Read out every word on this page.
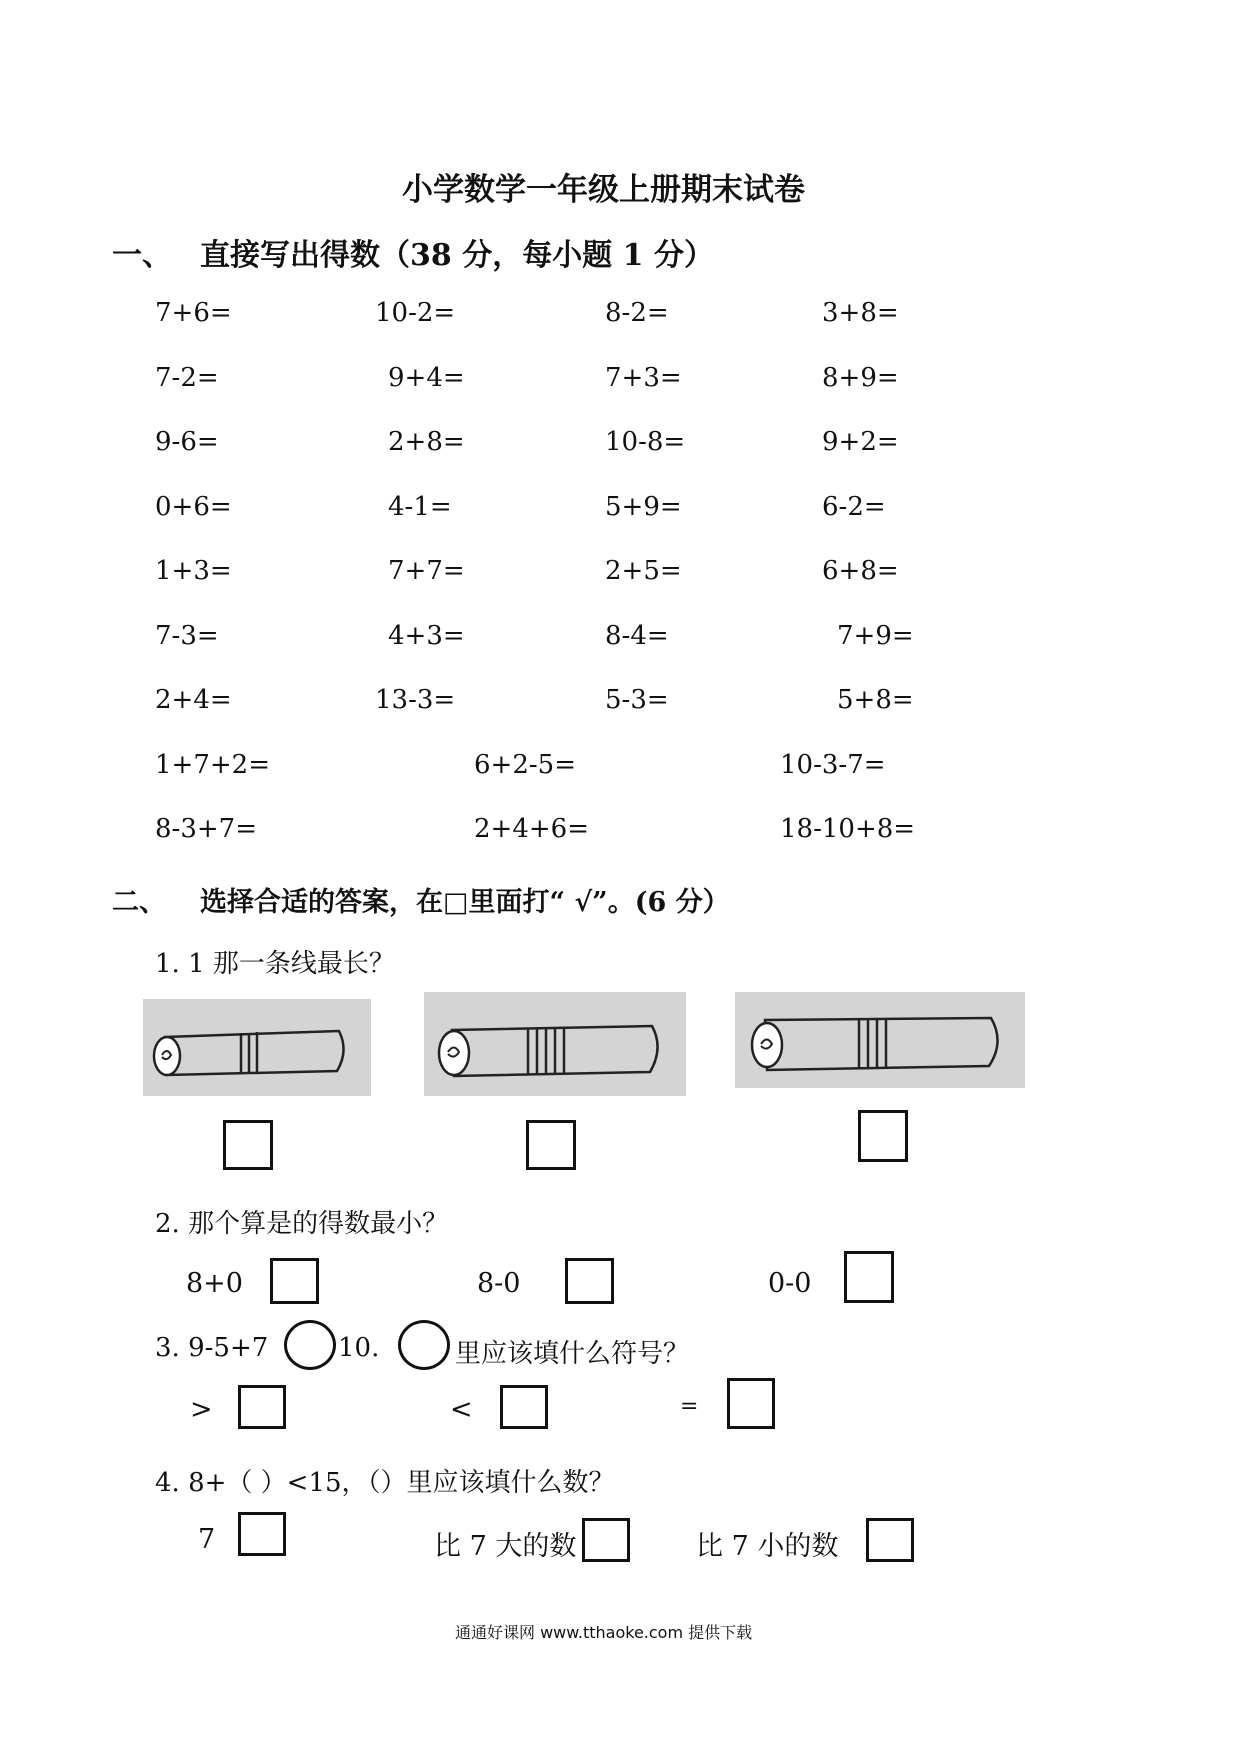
小学数学一年级上册期末试卷
一、 直接写出得数（38 分，每小题 1 分）
7+6=	10-2=	8-2=	3+8=
7-2=	9+4=	7+3=	8+9=
9-6=	2+8=	10-8=	9+2=
0+6=	4-1=	5+9=	6-2=
1+3=	7+7=	2+5=	6+8=
7-3=	4+3=	8-4=	7+9=
2+4=	13-3=	5-3=	5+8=
1+7+2=	6+2-5=	10-3-7=
8-3+7=	2+4+6=	18-10+8=
二、 选择合适的答案，在□里面打“ √”。(6 分）
1. 1 那一条线最长？
2. 那个算是的得数最小？
8+0	8-0	0-0
3. 9-5+7	10.	里应该填什么符号？
>	<	=
4. 8+（ ）<15，（）里应该填什么数？
7	比 7 大的数	比 7 小的数
通通好课网 www.tthaoke.com 提供下载
